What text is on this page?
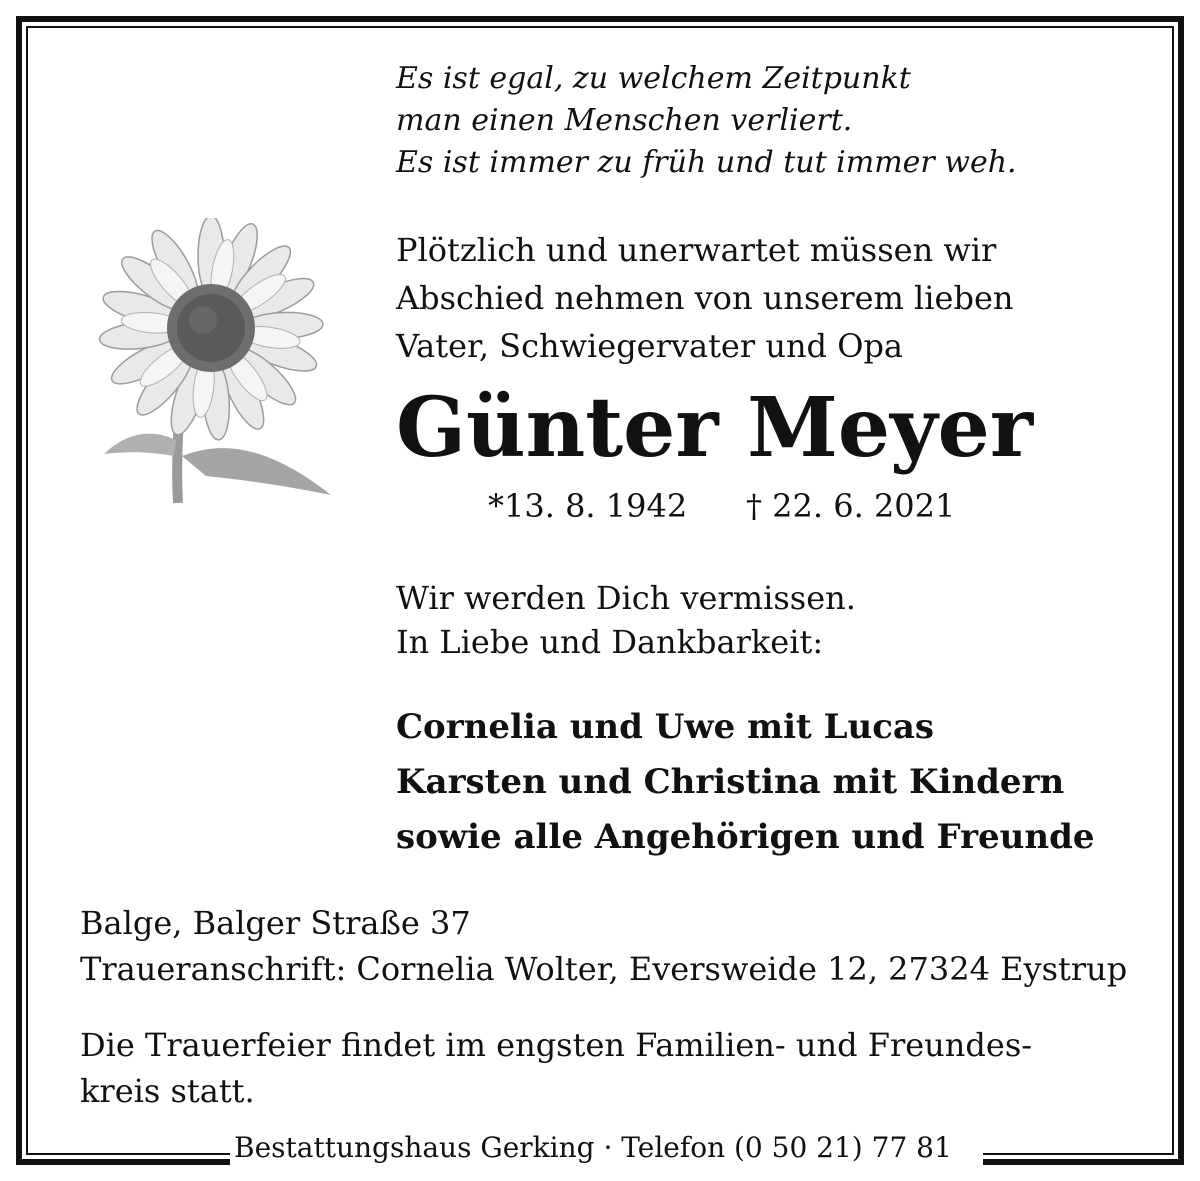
Es ist egal, zu welchem Zeitpunkt
man einen Menschen verliert.
Es ist immer zu früh und tut immer weh.
Plötzlich und unerwartet müssen wir
Abschied nehmen von unserem lieben
Vater, Schwiegervater und Opa
Günter Meyer
*13. 8. 1942 † 22. 6. 2021
Wir werden Dich vermissen.
In Liebe und Dankbarkeit:
Cornelia und Uwe mit Lucas
Karsten und Christina mit Kindern
sowie alle Angehörigen und Freunde
Balge, Balger Straße 37
Traueranschrift: Cornelia Wolter, Eversweide 12, 27324 Eystrup
Die Trauerfeier findet im engsten Familien- und Freundes-
kreis statt.
Bestattungshaus Gerking · Telefon (0 50 21) 77 81
